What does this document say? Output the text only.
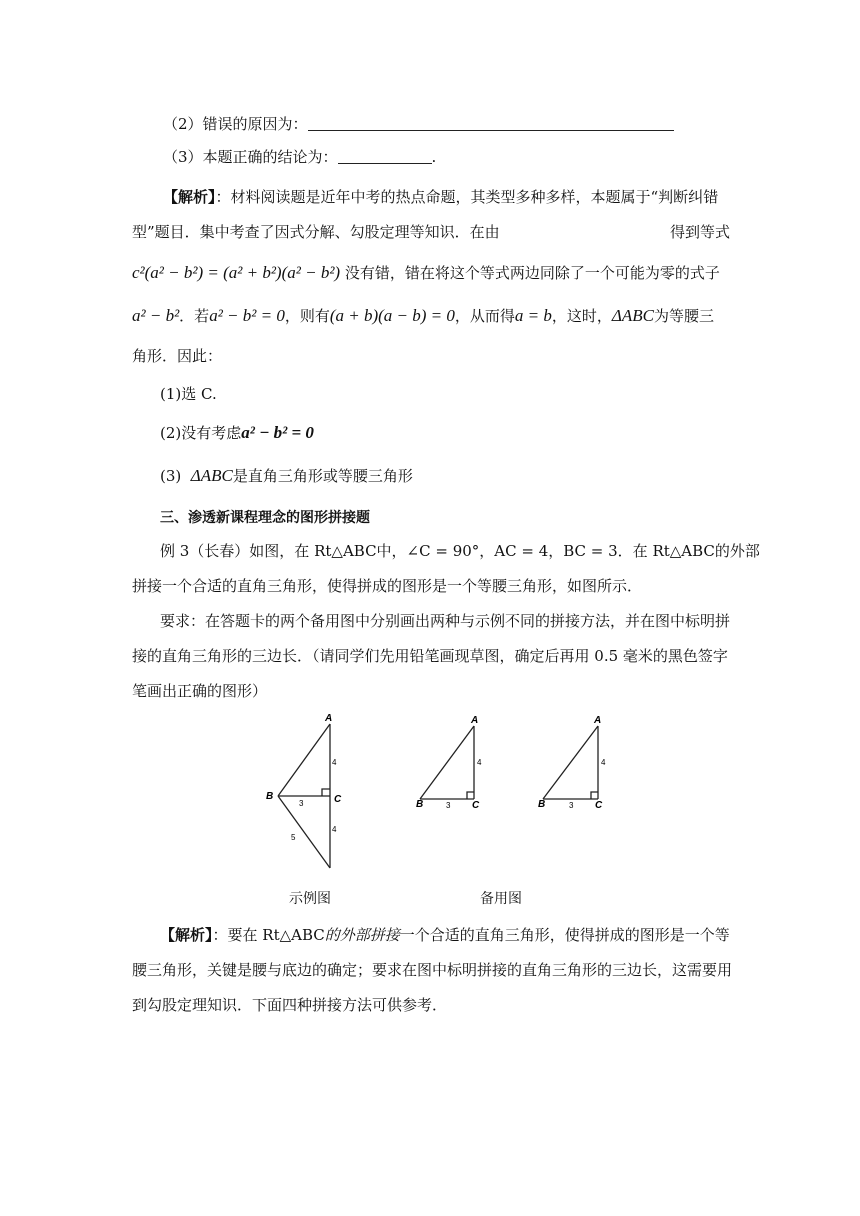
（2）错误的原因为：
（3）本题正确的结论为：	.
【解析】：材料阅读题是近年中考的热点命题，其类型多种多样，本题属于“判断纠错
型”题目．集中考查了因式分解、勾股定理等知识．在由	得到等式
c²(a² − b²) = (a² + b²)(a² − b²) 没有错，错在将这个等式两边同除了一个可能为零的式子
a² − b²．若a² − b² = 0，则有(a + b)(a − b) = 0，从而得a = b，这时，ΔABC为等腰三
角形．因此：
(1)选 C.
(2)没有考虑a² − b² = 0
(3) ΔABC是直角三角形或等腰三角形
三、渗透新课程理念的图形拼接题
例 3（长春）如图，在 Rt△ABC中，∠C = 90°，AC = 4，BC = 3．在 Rt△ABC的外部
拼接一个合适的直角三角形，使得拼成的图形是一个等腰三角形，如图所示．
要求：在答题卡的两个备用图中分别画出两种与示例不同的拼接方法，并在图中标明拼
接的直角三角形的三边长．（请同学们先用铅笔画现草图，确定后再用 0.5 毫米的黑色签字
笔画出正确的图形）
A
B	C
4
3
4
5
A
B	C
4
3
A
B	C
4
3
示例图	备用图
【解析】：要在 Rt△ABC的外部拼接一个合适的直角三角形，使得拼成的图形是一个等
腰三角形，关键是腰与底边的确定；要求在图中标明拼接的直角三角形的三边长，这需要用
到勾股定理知识．下面四种拼接方法可供参考．
